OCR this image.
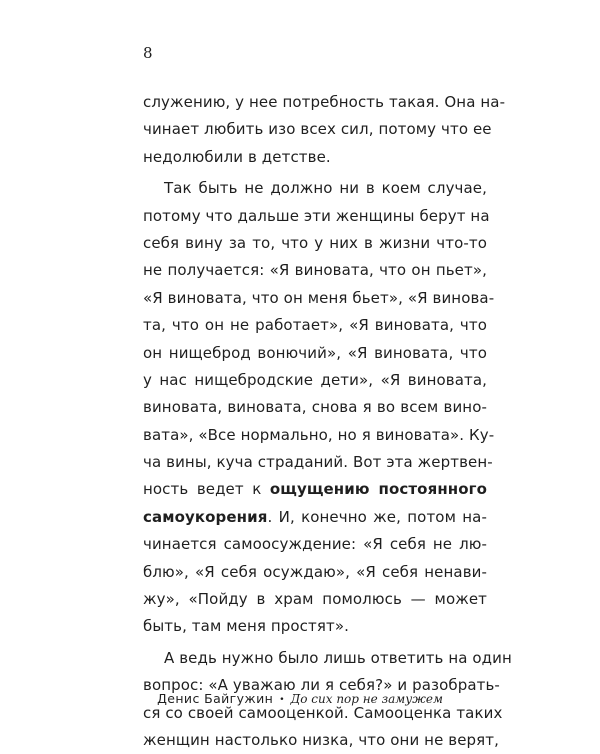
8
служению, у нее потребность такая. Она на-
чинает любить изо всех сил, потому что ее
недолюбили в детстве.
Так быть не должно ни в коем случае,
потому что дальше эти женщины берут на
себя вину за то, что у них в жизни что-то
не получается: «Я виновата, что он пьет»,
«Я виновата, что он меня бьет», «Я винова-
та, что он не работает», «Я виновата, что
он нищеброд вонючий», «Я виновата, что
у нас нищебродские дети», «Я виновата,
виновата, виновата, снова я во всем вино-
вата», «Все нормально, но я виновата». Ку-
ча вины, куча страданий. Вот эта жертвен-
ность ведет к ощущению постоянного
самоукорения. И, конечно же, потом на-
чинается самоосуждение: «Я себя не лю-
блю», «Я себя осуждаю», «Я себя ненави-
жу», «Пойду в храм помолюсь — может
быть, там меня простят».
А ведь нужно было лишь ответить на один
вопрос: «А уважаю ли я себя?» и разобрать-
ся со своей самооценкой. Самооценка таких
женщин настолько низка, что они не верят,
Денис Байгужин • До сих пор не замужем
